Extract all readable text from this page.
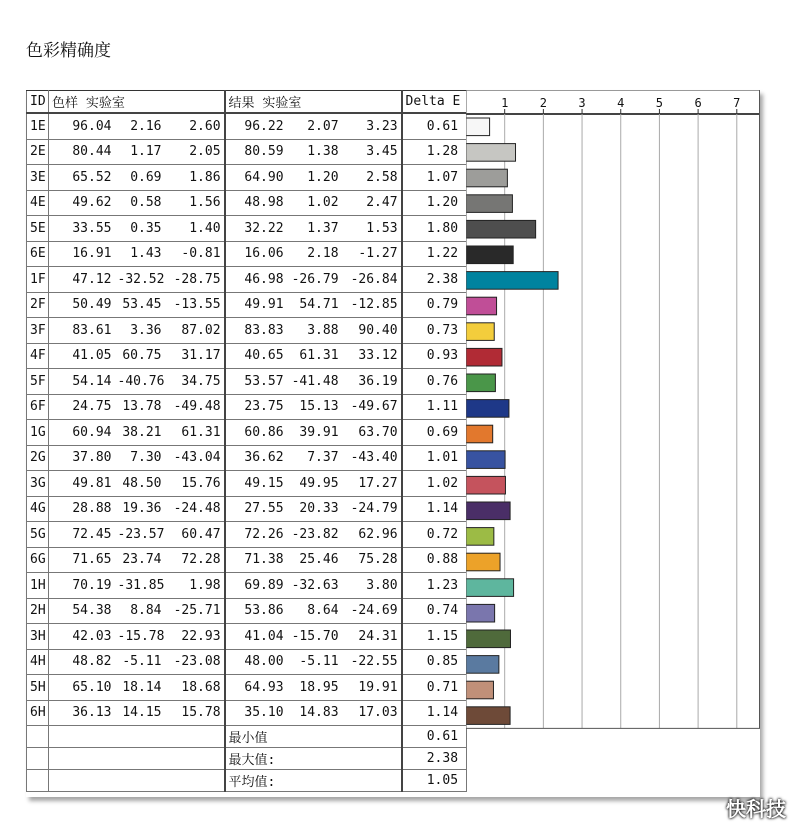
色彩精确度
ID	色样 实验室			结果 实验室			Delta E
1E	96.04	2.16	2.60	96.22	2.07	3.23	0.61
2E	80.44	1.17	2.05	80.59	1.38	3.45	1.28
3E	65.52	0.69	1.86	64.90	1.20	2.58	1.07
4E	49.62	0.58	1.56	48.98	1.02	2.47	1.20
5E	33.55	0.35	1.40	32.22	1.37	1.53	1.80
6E	16.91	1.43	-0.81	16.06	2.18	-1.27	1.22
1F	47.12	-32.52	-28.75	46.98	-26.79	-26.84	2.38
2F	50.49	53.45	-13.55	49.91	54.71	-12.85	0.79
3F	83.61	3.36	87.02	83.83	3.88	90.40	0.73
4F	41.05	60.75	31.17	40.65	61.31	33.12	0.93
5F	54.14	-40.76	34.75	53.57	-41.48	36.19	0.76
6F	24.75	13.78	-49.48	23.75	15.13	-49.67	1.11
1G	60.94	38.21	61.31	60.86	39.91	63.70	0.69
2G	37.80	7.30	-43.04	36.62	7.37	-43.40	1.01
3G	49.81	48.50	15.76	49.15	49.95	17.27	1.02
4G	28.88	19.36	-24.48	27.55	20.33	-24.79	1.14
5G	72.45	-23.57	60.47	72.26	-23.82	62.96	0.72
6G	71.65	23.74	72.28	71.38	25.46	75.28	0.88
1H	70.19	-31.85	1.98	69.89	-32.63	3.80	1.23
2H	54.38	8.84	-25.71	53.86	8.64	-24.69	0.74
3H	42.03	-15.78	22.93	41.04	-15.70	24.31	1.15
4H	48.82	-5.11	-23.08	48.00	-5.11	-22.55	0.85
5H	65.10	18.14	18.68	64.93	18.95	19.91	0.71
6H	36.13	14.15	15.78	35.10	14.83	17.03	1.14
				最小值			0.61
				最大值:			2.38
				平均值:			1.05
1	2	3	4	5	6	7
快科技
